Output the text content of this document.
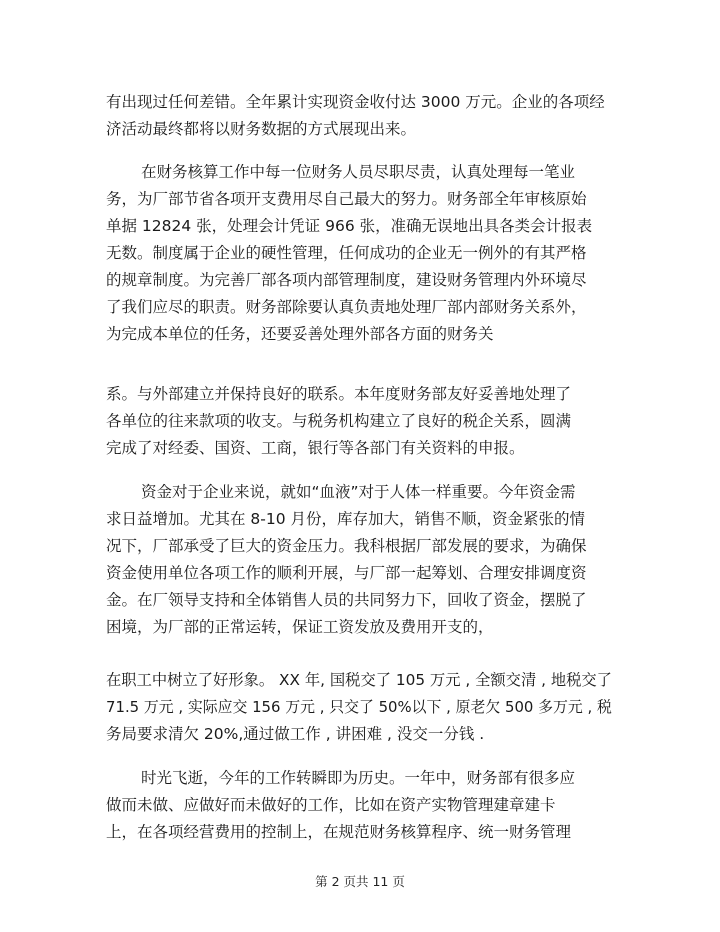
有出现过任何差错。全年累计实现资金收付达 3000 万元。企业的各项经
济活动最终都将以财务数据的方式展现出来。
在财务核算工作中每一位财务人员尽职尽责，认真处理每一笔业
务，为厂部节省各项开支费用尽自己最大的努力。财务部全年审核原始
单据 12824 张，处理会计凭证 966 张，准确无误地出具各类会计报表
无数。制度属于企业的硬性管理，任何成功的企业无一例外的有其严格
的规章制度。为完善厂部各项内部管理制度，建设财务管理内外环境尽
了我们应尽的职责。财务部除要认真负责地处理厂部内部财务关系外，
为完成本单位的任务，还要妥善处理外部各方面的财务关
系。与外部建立并保持良好的联系。本年度财务部友好妥善地处理了
各单位的往来款项的收支。与税务机构建立了良好的税企关系，圆满
完成了对经委、国资、工商，银行等各部门有关资料的申报。
资金对于企业来说，就如“血液”对于人体一样重要。今年资金需
求日益增加。尤其在 8-10 月份，库存加大，销售不顺，资金紧张的情
况下，厂部承受了巨大的资金压力。我科根据厂部发展的要求，为确保
资金使用单位各项工作的顺利开展，与厂部一起筹划、合理安排调度资
金。在厂领导支持和全体销售人员的共同努力下，回收了资金，摆脱了
困境，为厂部的正常运转，保证工资发放及费用开支的，
在职工中树立了好形象。 XX 年, 国税交了 105 万元 , 全额交清 , 地税交了
71.5 万元 , 实际应交 156 万元 , 只交了 50%以下 , 原老欠 500 多万元 , 税
务局要求清欠 20%,通过做工作 , 讲困难 , 没交一分钱 .
时光飞逝，今年的工作转瞬即为历史。一年中，财务部有很多应
做而未做、应做好而未做好的工作，比如在资产实物管理建章建卡
上，在各项经营费用的控制上，在规范财务核算程序、统一财务管理
第 2 页共 11 页
